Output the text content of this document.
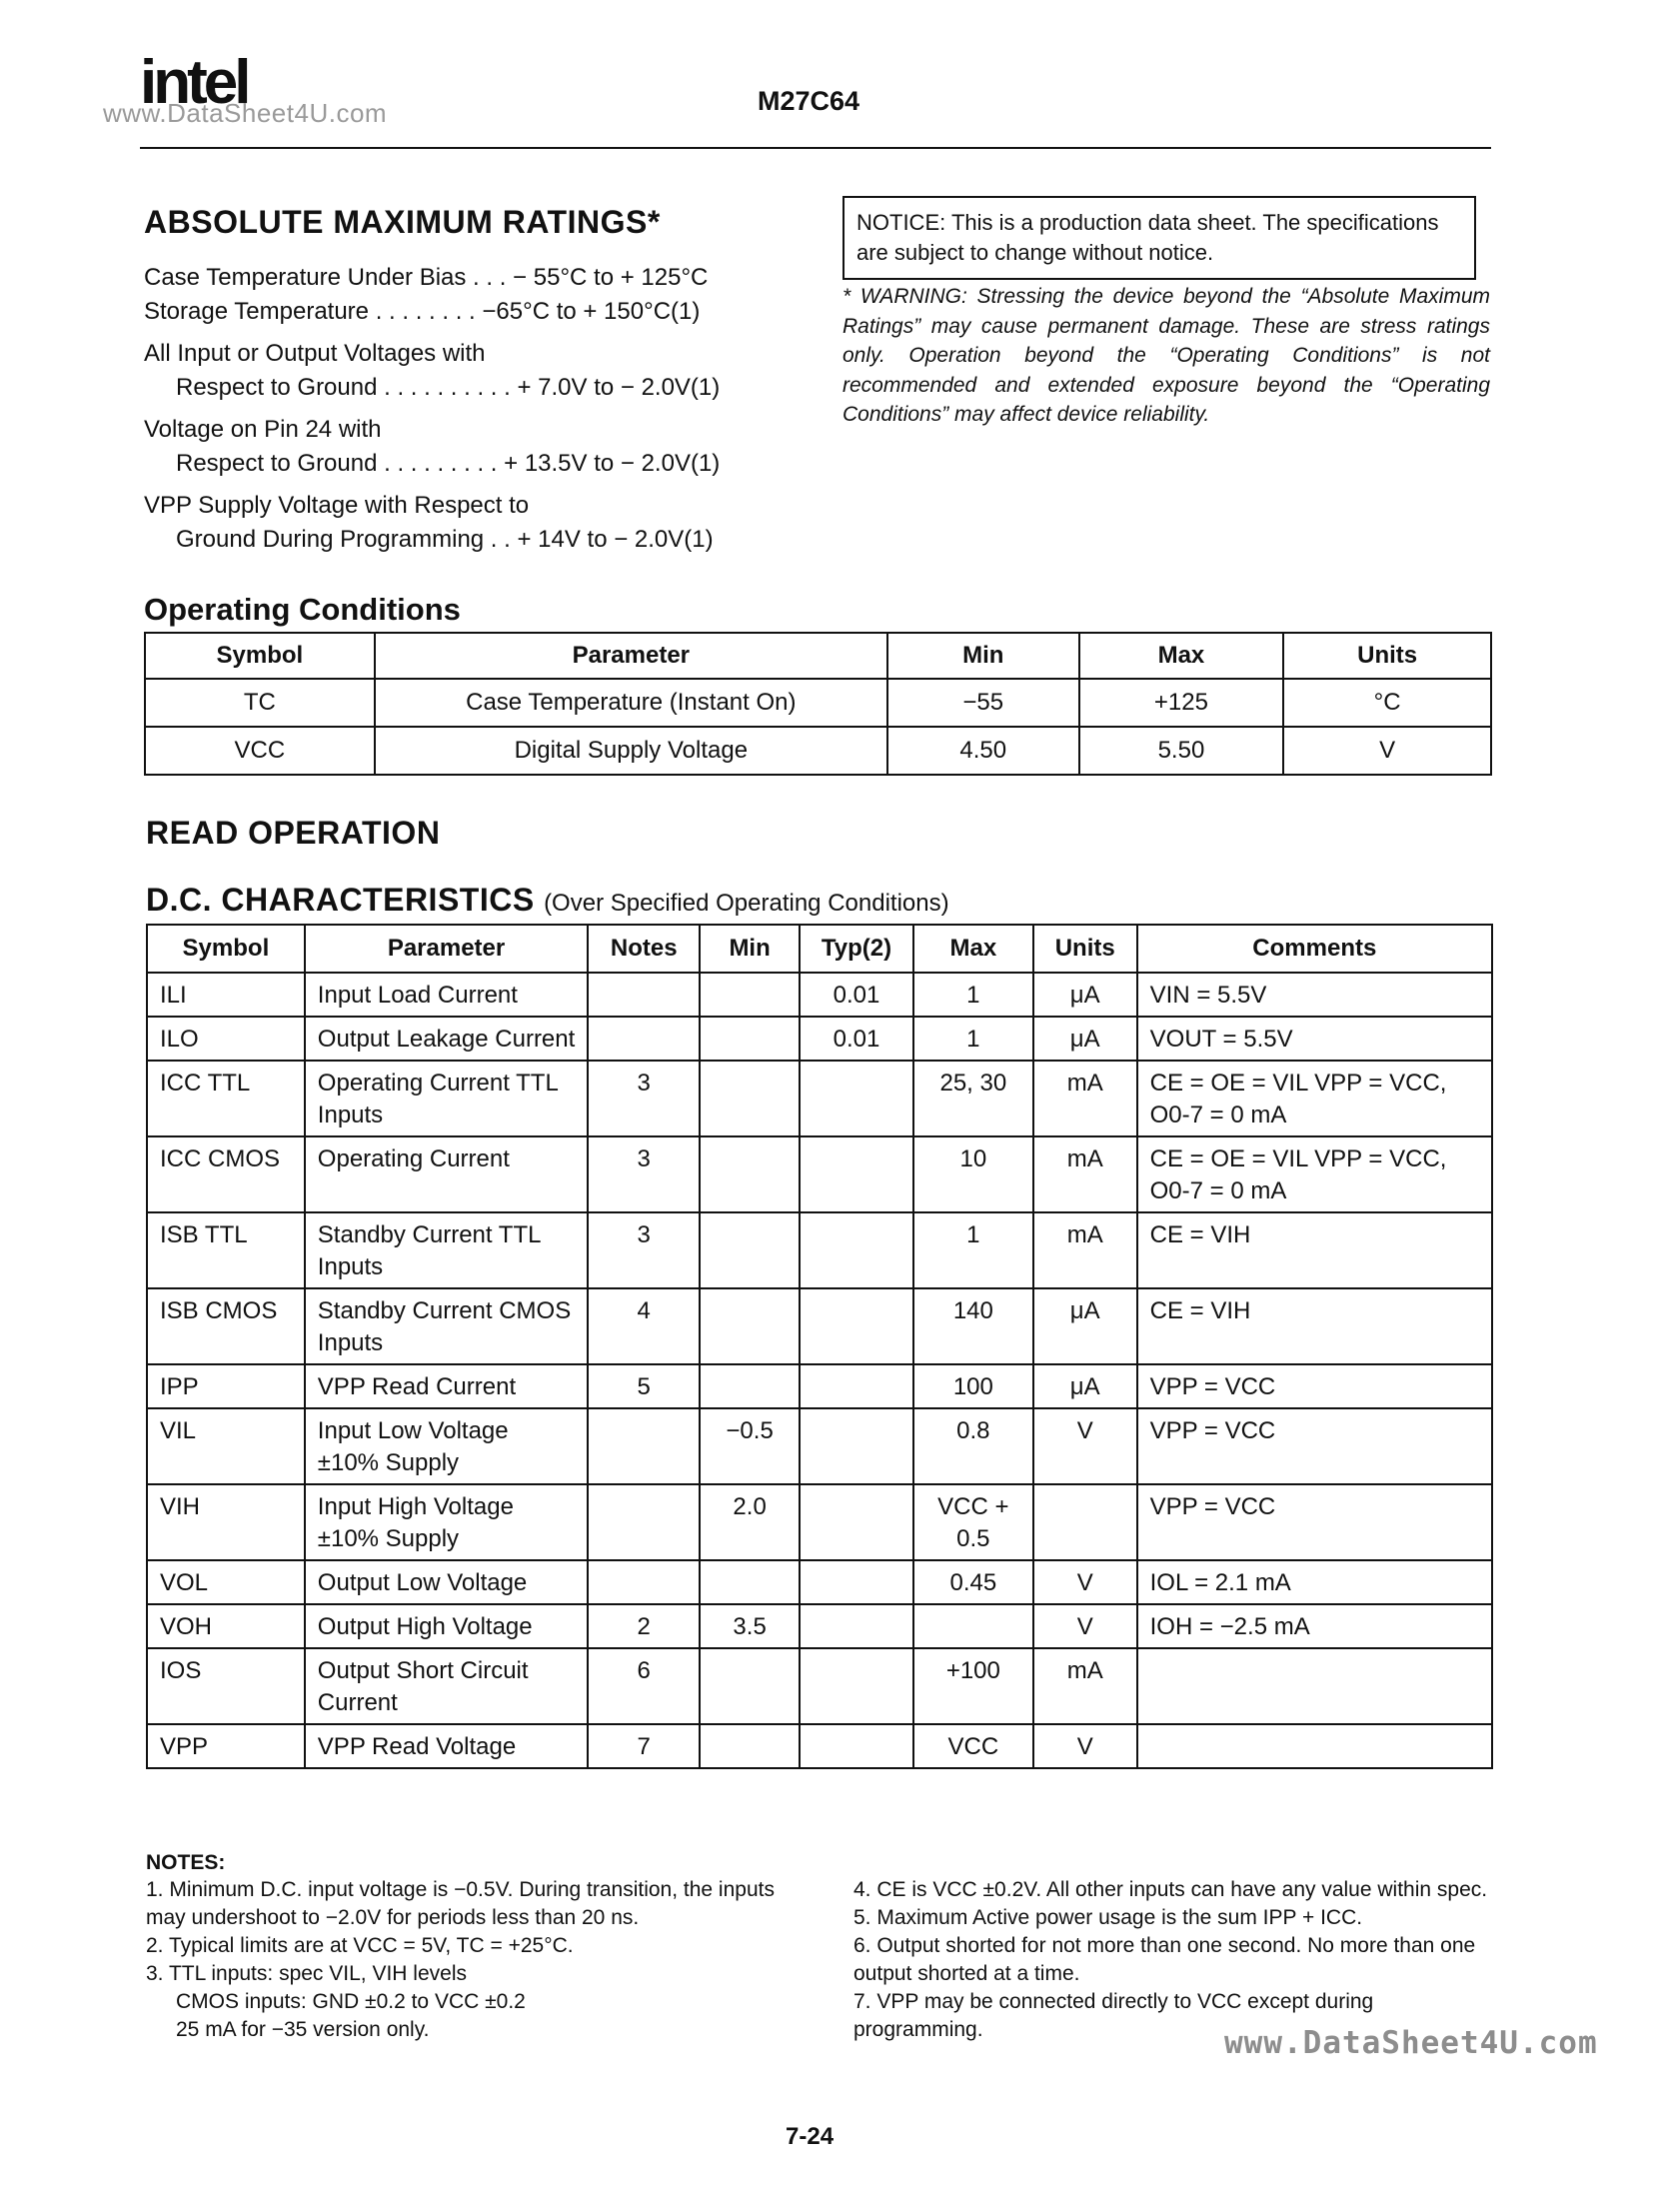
intel
www.DataSheet4U.com	M27C64
ABSOLUTE MAXIMUM RATINGS*
Case Temperature Under Bias . . . − 55°C to + 125°C
Storage Temperature . . . . . . . . −65°C to + 150°C(1)
All Input or Output Voltages with
Respect to Ground . . . . . . . . . . + 7.0V to − 2.0V(1)
Voltage on Pin 24 with
Respect to Ground . . . . . . . . . + 13.5V to − 2.0V(1)
VPP Supply Voltage with Respect to
Ground During Programming . . + 14V to − 2.0V(1)
NOTICE: This is a production data sheet. The specifications are subject to change without notice.
* WARNING: Stressing the device beyond the “Absolute Maximum Ratings” may cause permanent damage. These are stress ratings only. Operation beyond the “Operating Conditions” is not recommended and extended exposure beyond the “Operating Conditions” may affect device reliability.
Operating Conditions
Symbol	Parameter	Min	Max	Units
TC	Case Temperature (Instant On)	−55	+125	°C
VCC	Digital Supply Voltage	4.50	5.50	V
READ OPERATION
D.C. CHARACTERISTICS (Over Specified Operating Conditions)
Symbol	Parameter	Notes	Min	Typ(2)	Max	Units	Comments
ILI	Input Load Current			0.01	1	μA	VIN = 5.5V
ILO	Output Leakage Current			0.01	1	μA	VOUT = 5.5V
ICC TTL	Operating Current TTL Inputs	3			25, 30	mA	CE = OE = VIL VPP = VCC, O0-7 = 0 mA
ICC CMOS	Operating Current	3			10	mA	CE = OE = VIL VPP = VCC, O0-7 = 0 mA
ISB TTL	Standby Current TTL Inputs	3			1	mA	CE = VIH
ISB CMOS	Standby Current CMOS Inputs	4			140	μA	CE = VIH
IPP	VPP Read Current	5			100	μA	VPP = VCC
VIL	Input Low Voltage ±10% Supply		−0.5		0.8	V	VPP = VCC
VIH	Input High Voltage ±10% Supply		2.0		VCC + 0.5		VPP = VCC
VOL	Output Low Voltage				0.45	V	IOL = 2.1 mA
VOH	Output High Voltage	2	3.5			V	IOH = −2.5 mA
IOS	Output Short Circuit Current	6			+100	mA	
VPP	VPP Read Voltage	7			VCC	V	
NOTES:

1. Minimum D.C. input voltage is −0.5V. During transition, the inputs may undershoot to −2.0V for periods less than 20 ns.

2. Typical limits are at VCC = 5V, TC = +25°C.

3. TTL inputs: spec VIL, VIH levels

CMOS inputs: GND ±0.2 to VCC ±0.2

25 mA for −35 version only.

4. CE is VCC ±0.2V. All other inputs can have any value within spec.

5. Maximum Active power usage is the sum IPP + ICC.

6. Output shorted for not more than one second. No more than one output shorted at a time.

7. VPP may be connected directly to VCC except during programming.	www.DataSheet4U.com
7-24
